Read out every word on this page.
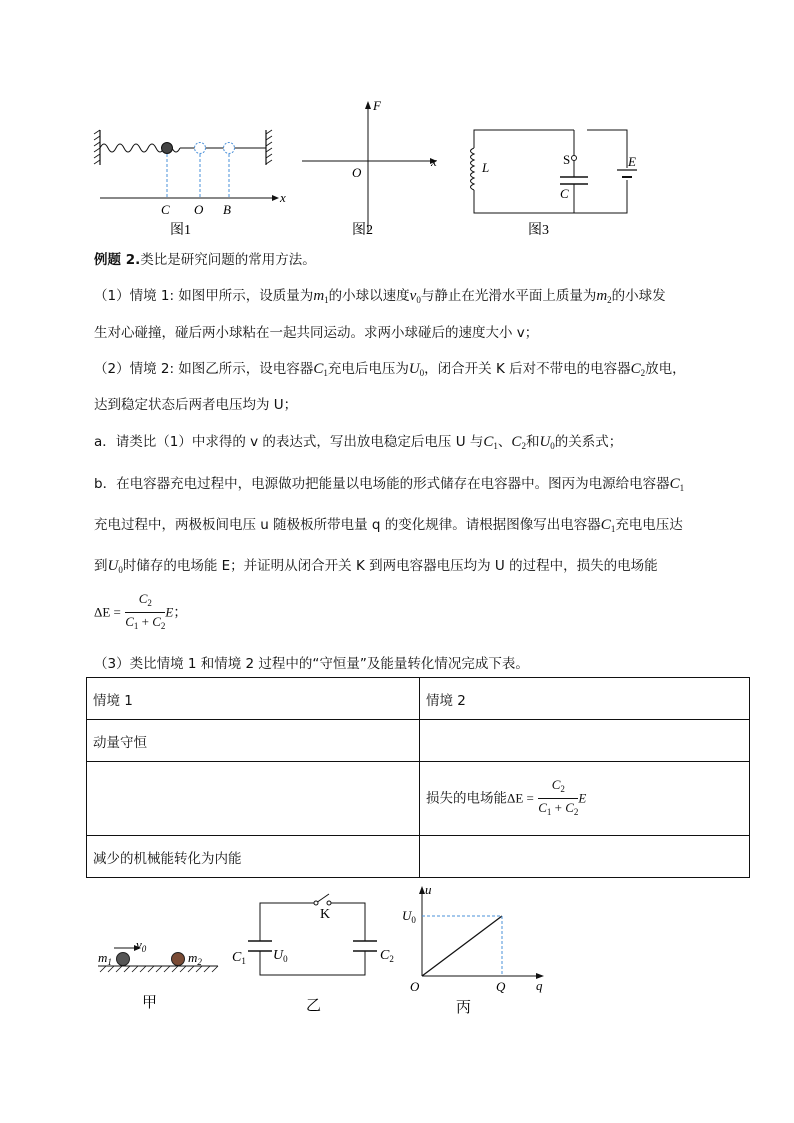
C O B
x
图1
F
x
O
图2
L
S
C
E
图3
例题 2.类比是研究问题的常用方法。
（1）情境 1: 如图甲所示，设质量为$m_1$的小球以速度$v_0$与静止在光滑水平面上质量为$m_2$的小球发
生对心碰撞，碰后两小球粘在一起共同运动。求两小球碰后的速度大小 v；
（2）情境 2: 如图乙所示，设电容器$C_1$充电后电压为$U_0$，闭合开关 K 后对不带电的电容器$C_2$放电，
达到稳定状态后两者电压均为 U；
a．请类比（1）中求得的 v 的表达式，写出放电稳定后电压 U 与$C_1$、$C_2$和$U_0$的关系式；
b．在电容器充电过程中，电源做功把能量以电场能的形式储存在电容器中。图丙为电源给电容器$C_1$
充电过程中，两极板间电压 u 随极板所带电量 q 的变化规律。请根据图像写出电容器$C_1$充电电压达
到$U_0$时储存的电场能 E；并证明从闭合开关 K 到两电容器电压均为 U 的过程中，损失的电场能
$\Delta E = \frac{C_2}{C_1 + C_2}$ E；
（3）类比情境 1 和情境 2 过程中的“守恒量”及能量转化情况完成下表。
情境 1	情境 2
动量守恒	
	损失的电场能$\Delta E = \frac{C_2}{C_1 + C_2}$ E
减少的机械能转化为内能	
$m_1$
$v_0$
$m_2$
甲
K
$C_1$ $U_0$	$C_2$
乙
u
$U_0$
O	Q q
丙
